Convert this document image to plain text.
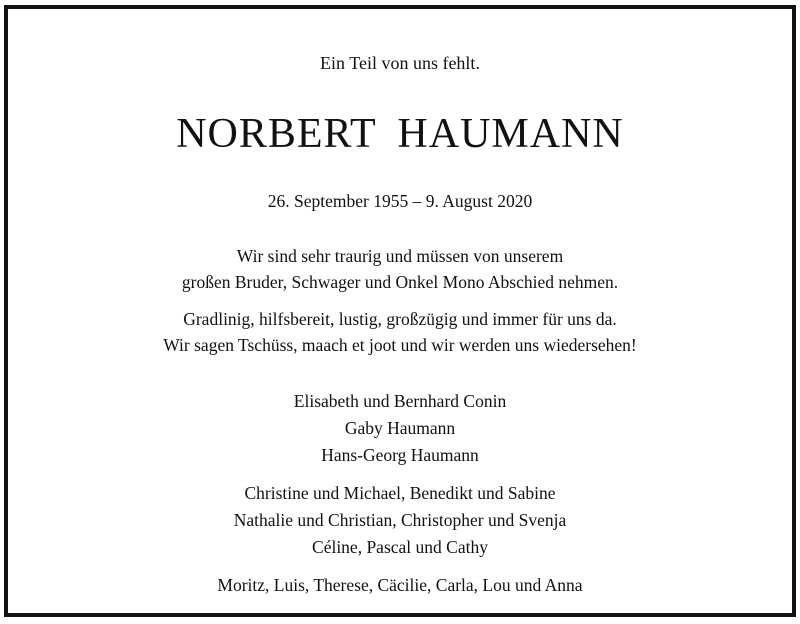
Ein Teil von uns fehlt.
NORBERT HAUMANN
26. September 1955 – 9. August 2020
Wir sind sehr traurig und müssen von unserem
großen Bruder, Schwager und Onkel Mono Abschied nehmen.
Gradlinig, hilfsbereit, lustig, großzügig und immer für uns da.
Wir sagen Tschüss, maach et joot und wir werden uns wiedersehen!
Elisabeth und Bernhard Conin
Gaby Haumann
Hans-Georg Haumann
Christine und Michael, Benedikt und Sabine
Nathalie und Christian, Christopher und Svenja
Céline, Pascal und Cathy
Moritz, Luis, Therese, Cäcilie, Carla, Lou und Anna
